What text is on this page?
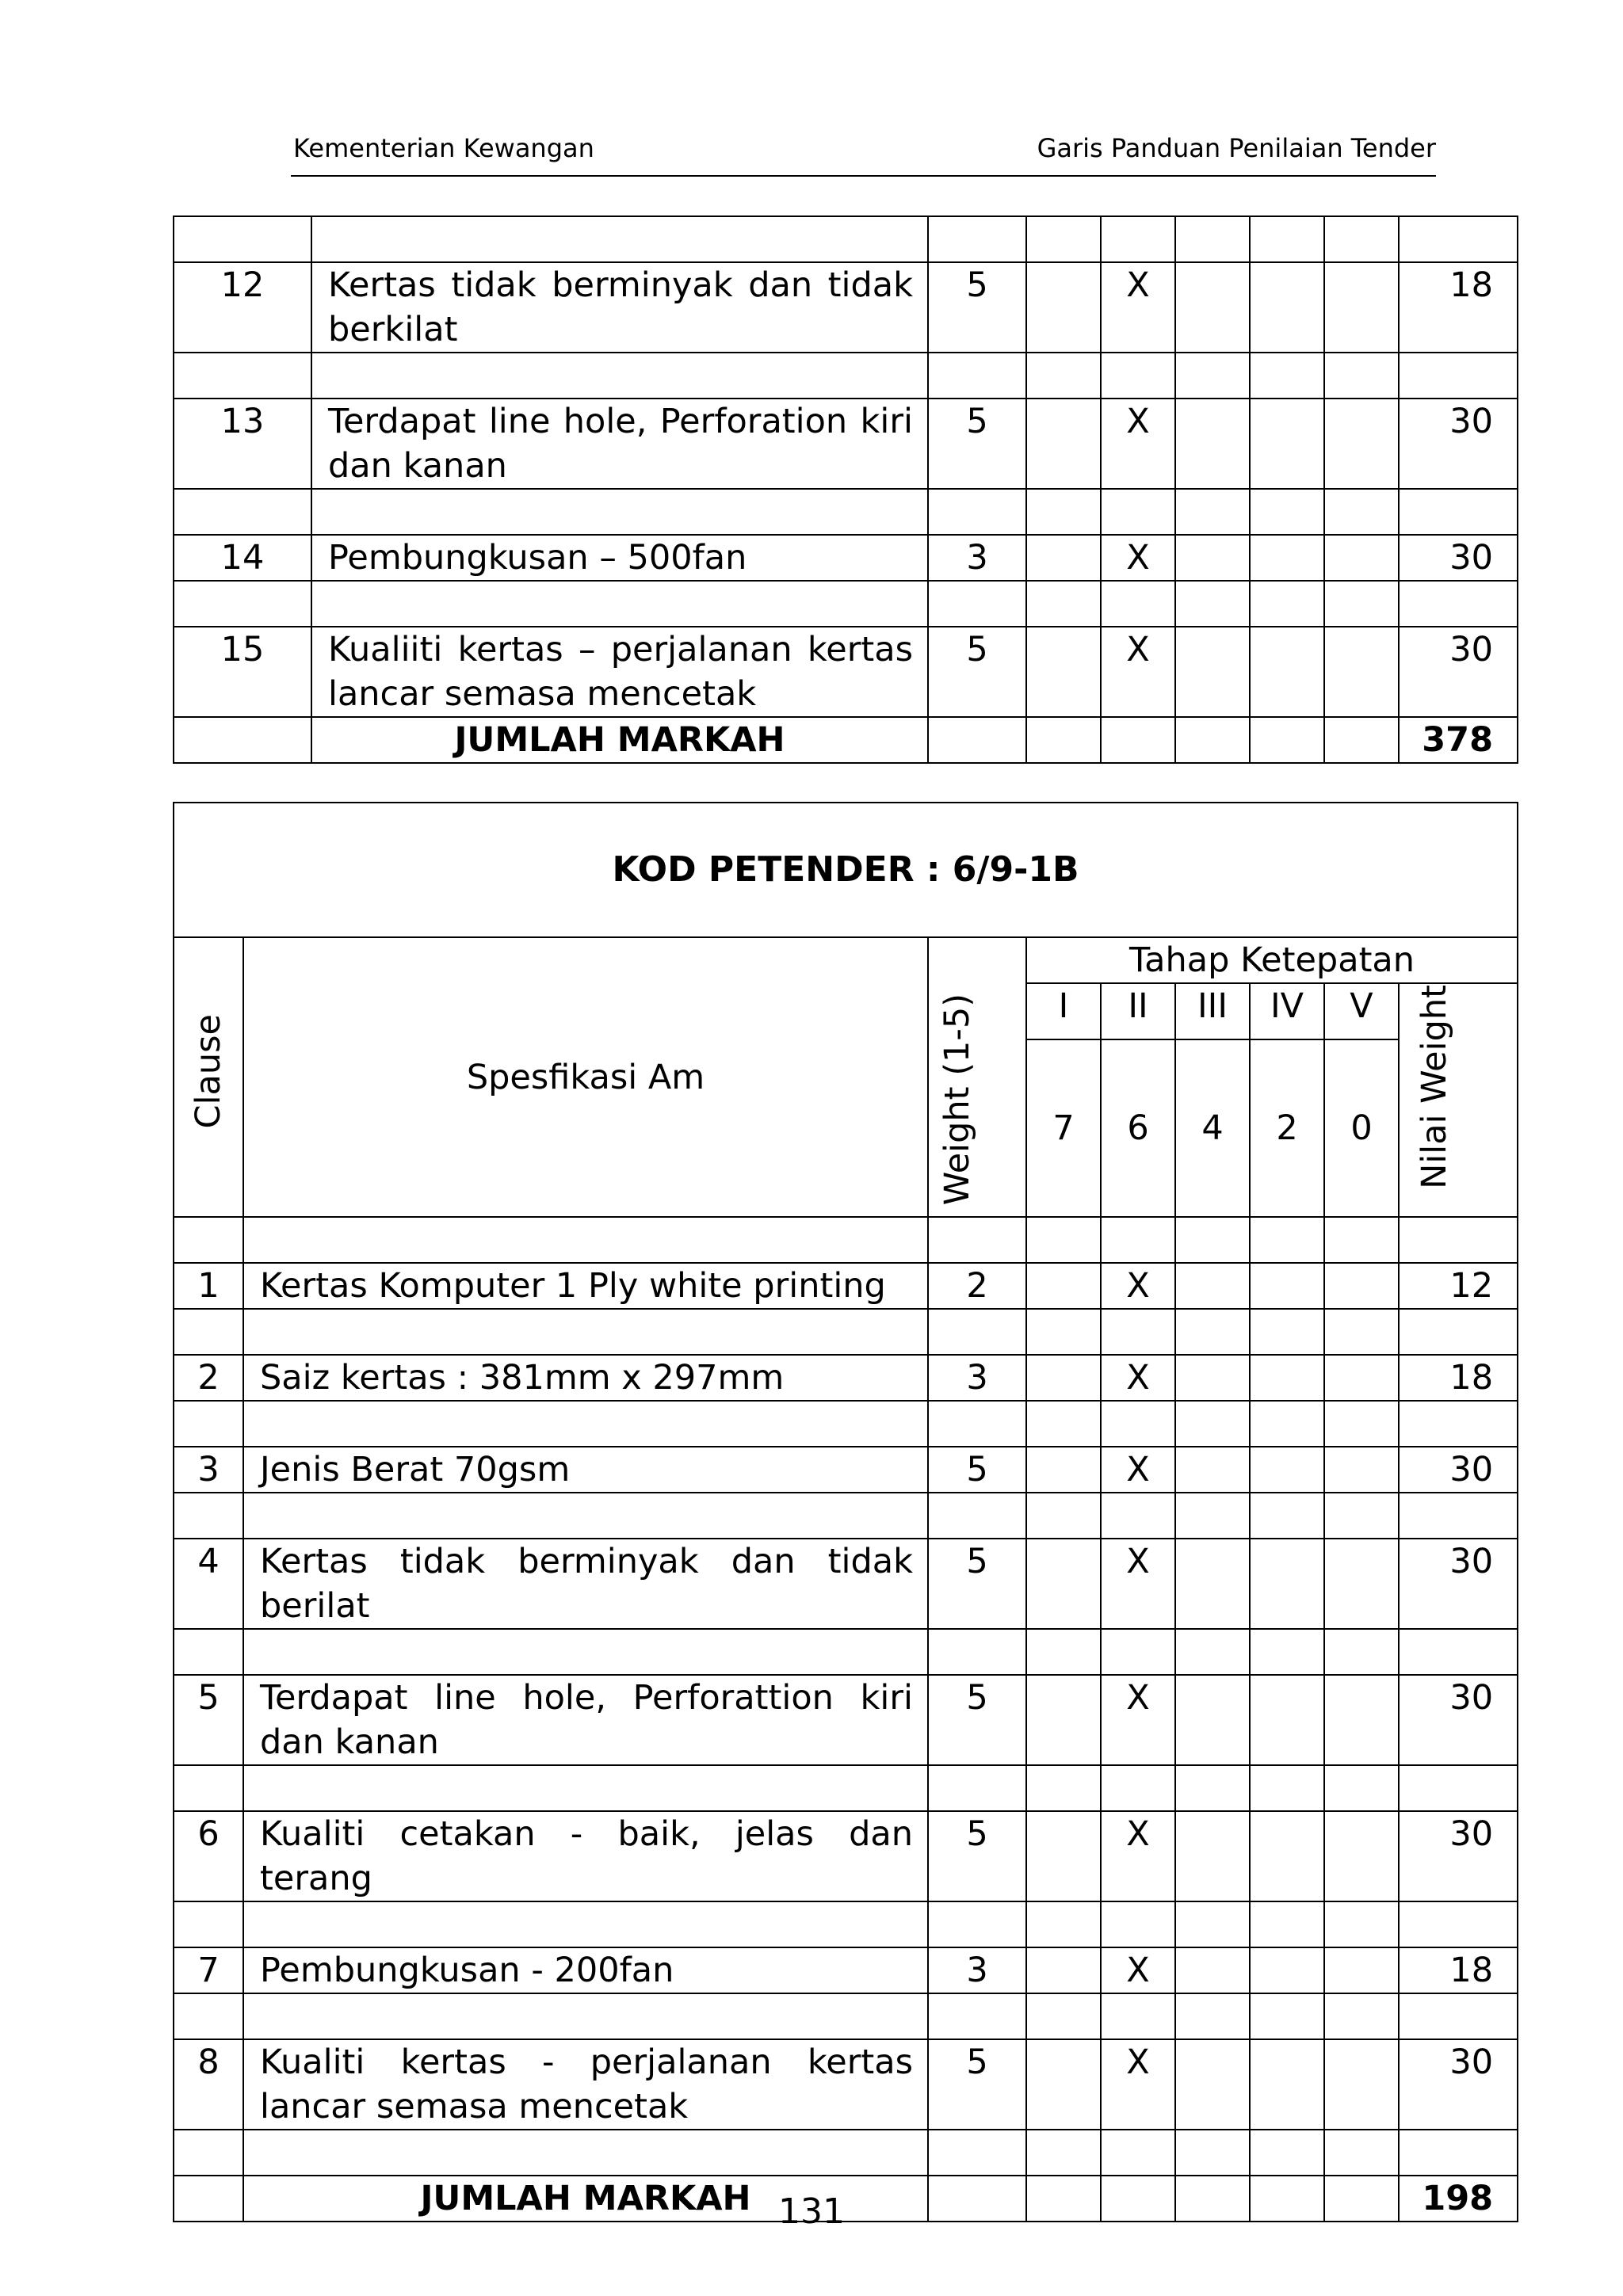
Kementerian Kewangan	Garis Panduan Penilaian Tender

12	Kertas tidak berminyak dan tidak berkilat	5		X				18

13	Terdapat line hole, Perforation kiri dan kanan	5		X				30

14	Pembungkusan – 500fan	3		X				30

15	Kualiiti kertas – perjalanan kertas lancar semasa mencetak	5		X				30
	JUMLAH MARKAH							378
KOD PETENDER : 6/9-1B								
Clause	Spesfikasi Am	Weight (1-5)	Tahap Ketepatan					
			I	II	III	IV	V	Nilai Weight
			7	6	4	2	0	

1	Kertas Komputer 1 Ply white printing	2		X				12

2	Saiz kertas : 381mm x 297mm	3		X				18

3	Jenis Berat 70gsm	5		X				30

4	Kertas tidak berminyak dan tidak berilat	5		X				30

5	Terdapat line hole, Perforattion kiri dan kanan	5		X				30

6	Kualiti cetakan - baik, jelas dan terang	5		X				30

7	Pembungkusan - 200fan	3		X				18

8	Kualiti kertas - perjalanan kertas lancar semasa mencetak	5		X				30

	JUMLAH MARKAH							198
131
